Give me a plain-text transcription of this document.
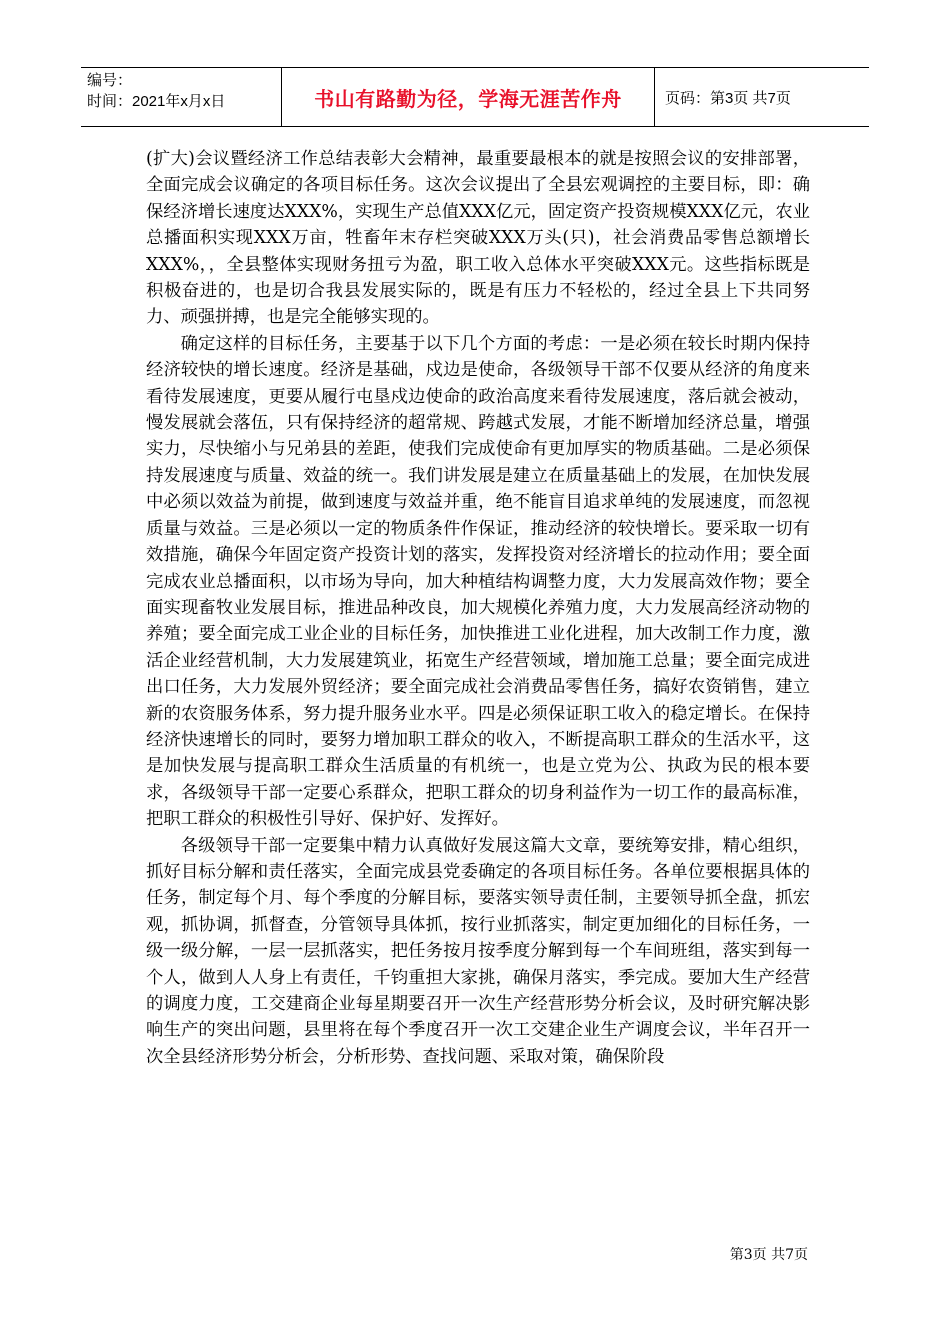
编号：
时间：2021年x月x日	书山有路勤为径，学海无涯苦作舟	页码：第3页 共7页

(扩大)会议暨经济工作总结表彰大会精神，最重要最根本的就是按照会议的安排部署，全面完成会议确定的各项目标任务。这次会议提出了全县宏观调控的主要目标，即：确保经济增长速度达XXX%，实现生产总值XXX亿元，固定资产投资规模XXX亿元，农业总播面积实现XXX万亩，牲畜年末存栏突破XXX万头(只)，社会消费品零售总额增长XXX%，，全县整体实现财务扭亏为盈，职工收入总体水平突破XXX元。这些指标既是积极奋进的，也是切合我县发展实际的，既是有压力不轻松的，经过全县上下共同努力、顽强拼搏，也是完全能够实现的。

确定这样的目标任务，主要基于以下几个方面的考虑：一是必须在较长时期内保持经济较快的增长速度。经济是基础，戍边是使命，各级领导干部不仅要从经济的角度来看待发展速度，更要从履行屯垦戍边使命的政治高度来看待发展速度，落后就会被动，慢发展就会落伍，只有保持经济的超常规、跨越式发展，才能不断增加经济总量，增强实力，尽快缩小与兄弟县的差距，使我们完成使命有更加厚实的物质基础。二是必须保持发展速度与质量、效益的统一。我们讲发展是建立在质量基础上的发展，在加快发展中必须以效益为前提，做到速度与效益并重，绝不能盲目追求单纯的发展速度，而忽视质量与效益。三是必须以一定的物质条件作保证，推动经济的较快增长。要采取一切有效措施，确保今年固定资产投资计划的落实，发挥投资对经济增长的拉动作用；要全面完成农业总播面积，以市场为导向，加大种植结构调整力度，大力发展高效作物；要全面实现畜牧业发展目标，推进品种改良，加大规模化养殖力度，大力发展高经济动物的养殖；要全面完成工业企业的目标任务，加快推进工业化进程，加大改制工作力度，激活企业经营机制，大力发展建筑业，拓宽生产经营领域，增加施工总量；要全面完成进出口任务，大力发展外贸经济；要全面完成社会消费品零售任务，搞好农资销售，建立新的农资服务体系，努力提升服务业水平。四是必须保证职工收入的稳定增长。在保持经济快速增长的同时，要努力增加职工群众的收入，不断提高职工群众的生活水平，这是加快发展与提高职工群众生活质量的有机统一，也是立党为公、执政为民的根本要求，各级领导干部一定要心系群众，把职工群众的切身利益作为一切工作的最高标准，把职工群众的积极性引导好、保护好、发挥好。

各级领导干部一定要集中精力认真做好发展这篇大文章，要统筹安排，精心组织，抓好目标分解和责任落实，全面完成县党委确定的各项目标任务。各单位要根据具体的任务，制定每个月、每个季度的分解目标，要落实领导责任制，主要领导抓全盘，抓宏观，抓协调，抓督查，分管领导具体抓，按行业抓落实，制定更加细化的目标任务，一级一级分解，一层一层抓落实，把任务按月按季度分解到每一个车间班组，落实到每一个人，做到人人身上有责任，千钧重担大家挑，确保月落实，季完成。要加大生产经营的调度力度，工交建商企业每星期要召开一次生产经营形势分析会议，及时研究解决影响生产的突出问题，县里将在每个季度召开一次工交建企业生产调度会议，半年召开一次全县经济形势分析会，分析形势、查找问题、采取对策，确保阶段

第3页 共7页
